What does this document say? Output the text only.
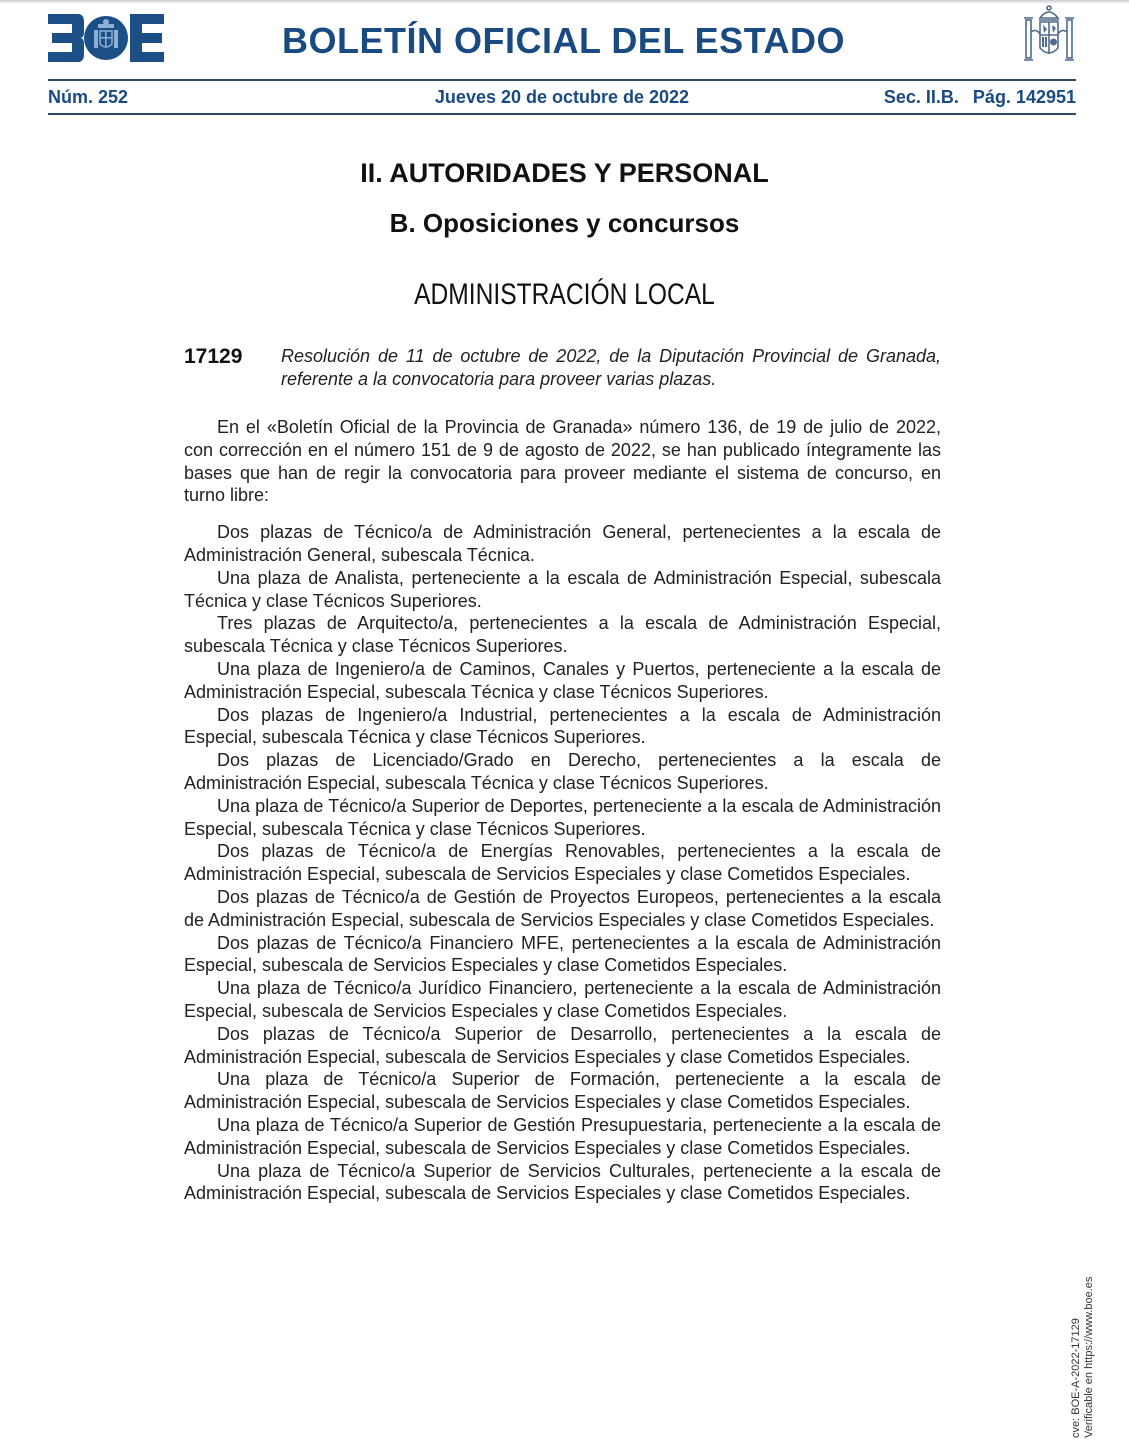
BOLETÍN OFICIAL DEL ESTADO
Núm. 252	Jueves 20 de octubre de 2022	Sec. II.B. Pág. 142951
II. AUTORIDADES Y PERSONAL
B. Oposiciones y concursos
ADMINISTRACIÓN LOCAL
17129 Resolución de 11 de octubre de 2022, de la Diputación Provincial de Granada, referente a la convocatoria para proveer varias plazas.

En el «Boletín Oficial de la Provincia de Granada» número 136, de 19 de julio de 2022, con corrección en el número 151 de 9 de agosto de 2022, se han publicado íntegramente las bases que han de regir la convocatoria para proveer mediante el sistema de concurso, en turno libre:

Dos plazas de Técnico/a de Administración General, pertenecientes a la escala de Administración General, subescala Técnica.

Una plaza de Analista, perteneciente a la escala de Administración Especial, subescala Técnica y clase Técnicos Superiores.

Tres plazas de Arquitecto/a, pertenecientes a la escala de Administración Especial, subescala Técnica y clase Técnicos Superiores.

Una plaza de Ingeniero/a de Caminos, Canales y Puertos, perteneciente a la escala de Administración Especial, subescala Técnica y clase Técnicos Superiores.

Dos plazas de Ingeniero/a Industrial, pertenecientes a la escala de Administración Especial, subescala Técnica y clase Técnicos Superiores.

Dos plazas de Licenciado/Grado en Derecho, pertenecientes a la escala de Administración Especial, subescala Técnica y clase Técnicos Superiores.

Una plaza de Técnico/a Superior de Deportes, perteneciente a la escala de Administración Especial, subescala Técnica y clase Técnicos Superiores.

Dos plazas de Técnico/a de Energías Renovables, pertenecientes a la escala de Administración Especial, subescala de Servicios Especiales y clase Cometidos Especiales.

Dos plazas de Técnico/a de Gestión de Proyectos Europeos, pertenecientes a la escala de Administración Especial, subescala de Servicios Especiales y clase Cometidos Especiales.

Dos plazas de Técnico/a Financiero MFE, pertenecientes a la escala de Administración Especial, subescala de Servicios Especiales y clase Cometidos Especiales.

Una plaza de Técnico/a Jurídico Financiero, perteneciente a la escala de Administración Especial, subescala de Servicios Especiales y clase Cometidos Especiales.

Dos plazas de Técnico/a Superior de Desarrollo, pertenecientes a la escala de Administración Especial, subescala de Servicios Especiales y clase Cometidos Especiales.

Una plaza de Técnico/a Superior de Formación, perteneciente a la escala de Administración Especial, subescala de Servicios Especiales y clase Cometidos Especiales.

Una plaza de Técnico/a Superior de Gestión Presupuestaria, perteneciente a la escala de Administración Especial, subescala de Servicios Especiales y clase Cometidos Especiales.

Una plaza de Técnico/a Superior de Servicios Culturales, perteneciente a la escala de Administración Especial, subescala de Servicios Especiales y clase Cometidos Especiales.

cve: BOE-A-2022-17129 Verificable en https://www.boe.es
